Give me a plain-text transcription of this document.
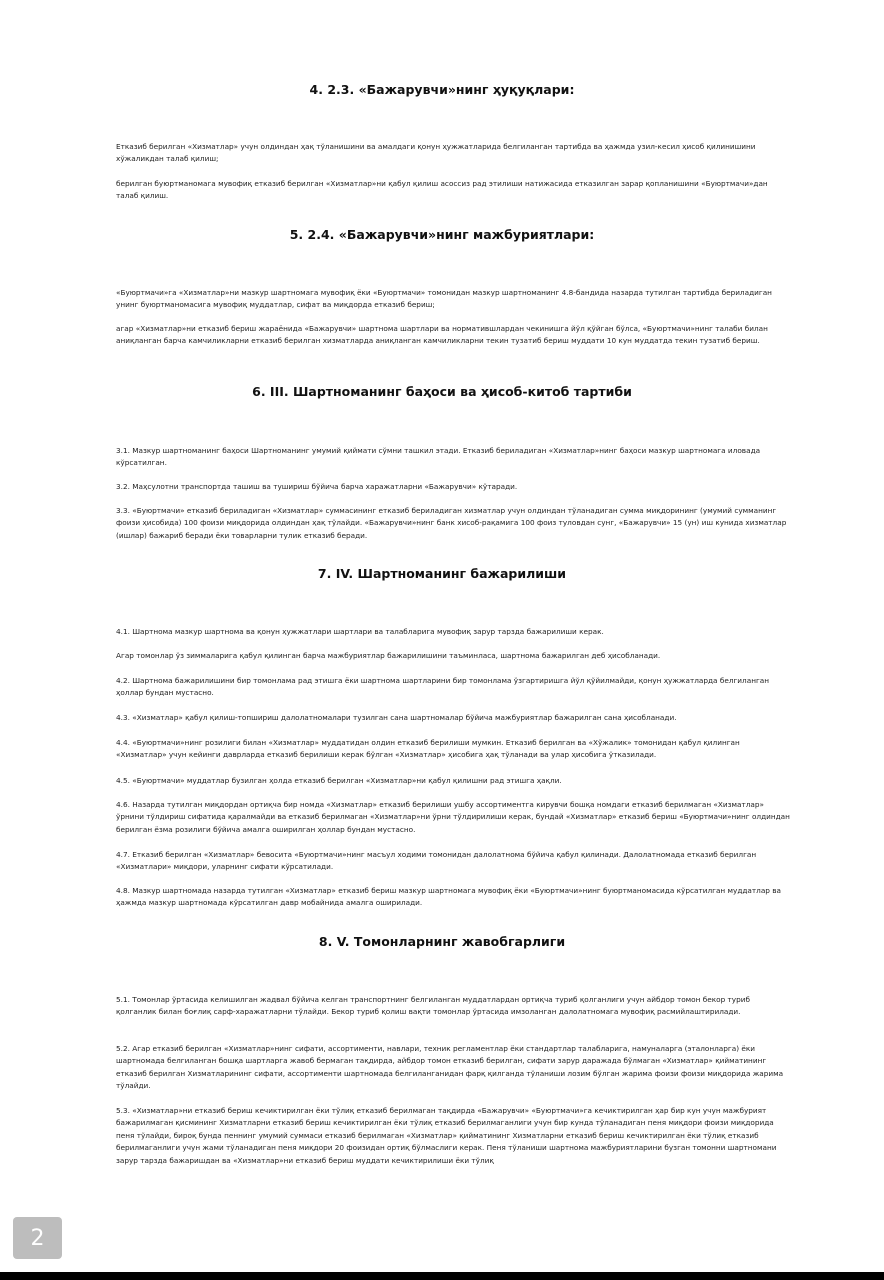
4. 2.3. «Бажарувчи»нинг ҳуқуқлари:
Етказиб берилган «Хизматлар» учун олдиндан ҳақ тўланишини ва амалдаги қонун ҳужжатларида белгиланган тартибда ва ҳажмда узил-кесил ҳисоб қилинишини хўжаликдан талаб қилиш;
берилган буюртманомага мувофиқ етказиб берилган «Хизматлар»ни қабул қилиш асоссиз рад этилиши натижасида етказилган зарар қопланишини «Буюртмачи»дан талаб қилиш.
5. 2.4. «Бажарувчи»нинг мажбуриятлари:
«Буюртмачи»га «Хизматлар»ни мазкур шартномага мувофиқ ёки «Буюртмачи» томонидан мазкур шартноманинг 4.8-бандида назарда тутилган тартибда бериладиган унинг буюртманомасига мувофиқ муддатлар, сифат ва миқдорда етказиб бериш;
агар «Хизматлар»ни етказиб бериш жараёнида «Бажарувчи» шартнома шартлари ва норматившлардан чекинишга йўл қўйган бўлса, «Буюртмачи»нинг талаби билан аниқланган барча камчиликларни етказиб берилган хизматларда аниқланган камчиликларни текин тузатиб бериш муддати 10 кун муддатда текин тузатиб бериш.
6. III. Шартноманинг баҳоси ва ҳисоб-китоб тартиби
3.1. Мазкур шартноманинг баҳоси Шартноманинг умумий қиймати сўмни ташкил этади. Етказиб бериладиган «Хизматлар»нинг баҳоси мазкур шартномага иловада кўрсатилган.
3.2. Маҳсулотни транспортда ташиш ва тушириш бўйича барча харажатларни «Бажарувчи» кўтаради.
3.3. «Буюртмачи» етказиб бериладиган «Хизматлар» суммасининг етказиб бериладиган хизматлар учун олдиндан тўланадиган сумма миқдорининг (умумий сумманинг фоизи ҳисобида) 100 фоизи миқдорида олдиндан ҳақ тўлайди. «Бажарувчи»нинг банк хисоб-рақамига 100 фоиз туловдан сунг, «Бажарувчи» 15 (ун) иш кунида хизматлар (ишлар) бажариб беради ёки товарларни тулик етказиб беради.
7. IV. Шартноманинг бажарилиши
4.1. Шартнома мазкур шартнома ва қонун ҳужжатлари шартлари ва талабларига мувофиқ зарур тарзда бажарилиши керак.
Агар томонлар ўз зиммаларига қабул қилинган барча мажбуриятлар бажарилишини таъминласа, шартнома бажарилган деб ҳисобланади.
4.2. Шартнома бажарилишини бир томонлама рад этишга ёки шартнома шартларини бир томонлама ўзгартиришга йўл қўйилмайди, қонун ҳужжатларда белгиланган ҳоллар бундан мустасно.
4.3. «Хизматлар» қабул қилиш-топшириш далолатномалари тузилган сана шартномалар бўйича мажбуриятлар бажарилган сана ҳисобланади.
4.4. «Буюртмачи»нинг розилиги билан «Хизматлар» муддатидан олдин етказиб берилиши мумкин. Етказиб берилган ва «Хўжалик» томонидан қабул қилинган «Хизматлар» учун кейинги даврларда етказиб берилиши керак бўлган «Хизматлар» ҳисобига ҳақ тўланади ва улар ҳисобига ўтказилади.
4.5. «Буюртмачи» муддатлар бузилган ҳолда етказиб берилган «Хизматлар»ни қабул қилишни рад этишга ҳақли.
4.6. Назарда тутилган миқдордан ортиқча бир номда «Хизматлар» етказиб берилиши ушбу ассортиментга кирувчи бошқа номдаги етказиб берилмаган «Хизматлар» ўрнини тўлдириш сифатида қаралмайди ва етказиб берилмаган «Хизматлар»ни ўрни тўлдирилиши керак, бундай «Хизматлар» етказиб бериш «Буюртмачи»нинг олдиндан берилган ёзма розилиги бўйича амалга оширилган ҳоллар бундан мустасно.
4.7. Етказиб берилган «Хизматлар» бевосита «Буюртмачи»нинг масъул ходими томонидан далолатнома бўйича қабул қилинади. Далолатномада етказиб берилган «Хизматлари» миқдори, уларнинг сифати кўрсатилади.
4.8. Мазкур шартномада назарда тутилган «Хизматлар» етказиб бериш мазкур шартномага мувофиқ ёки «Буюртмачи»нинг буюртманомасида кўрсатилган муддатлар ва ҳажмда мазкур шартномада кўрсатилган давр мобайнида амалга оширилади.
8. V. Томонларнинг жавобгарлиги
5.1. Томонлар ўртасида келишилган жадвал бўйича келган транспортнинг белгиланган муддатлардан ортиқча туриб қолганлиги учун айбдор томон бекор туриб қолганлик билан боғлиқ сарф-харажатларни тўлайди. Бекор туриб қолиш вақти томонлар ўртасида имзоланган далолатномага мувофиқ расмийлаштирилади.
5.2. Агар етказиб берилган «Хизматлар»нинг сифати, ассортименти, навлари, техник регламентлар ёки стандартлар талабларига, намуналарга (эталонларга) ёки шартномада белгиланган бошқа шартларга жавоб бермаган тақдирда, айбдор томон етказиб берилган, сифати зарур даражада бўлмаган «Хизматлар» қийматининг етказиб берилган Хизматларининг сифати, ассортименти шартномада белгиланганидан фарқ қилганда тўланиши лозим бўлган жарима фоизи фоизи миқдорида жарима тўлайди.
5.3. «Хизматлар»ни етказиб бериш кечиктирилган ёки тўлиқ етказиб берилмаган тақдирда «Бажарувчи» «Буюртмачи»га кечиктирилган ҳар бир кун учун мажбурият бажарилмаган қисмининг Хизматларни етказиб бериш кечиктирилган ёки тўлиқ етказиб берилмаганлиги учун бир кунда тўланадиган пеня миқдори фоизи миқдорида пеня тўлайди, бироқ бунда пеннинг умумий суммаси етказиб берилмаган «Хизматлар» қийматининг Хизматларни етказиб бериш кечиктирилган ёки тўлиқ етказиб берилмаганлиги учун жами тўланадиган пеня миқдори 20 фоизидан ортиқ бўлмаслиги керак. Пеня тўланиши шартнома мажбуриятларини бузган томонни шартномани зарур тарзда бажаришдан ва «Хизматлар»ни етказиб бериш муддати кечиктирилиши ёки тўлиқ
2
